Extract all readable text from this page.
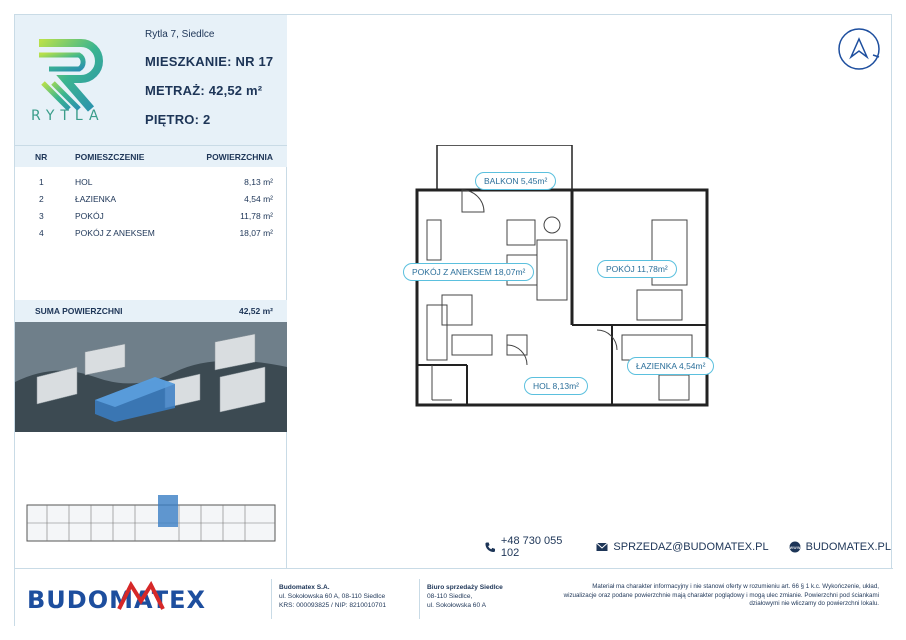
RYTLA
Rytla 7, Siedlce
MIESZKANIE: NR 17
METRAŻ: 42,52 m²
PIĘTRO: 2
NR	POMIESZCZENIE	POWIERZCHNIA
1	HOL	8,13 m²
2	ŁAZIENKA	4,54 m²
3	POKÓJ	11,78 m²
4	POKÓJ Z ANEKSEM	18,07 m²
SUMA POWIERZCHNI	42,52 m²
BALKON 5,45m²
POKÓJ Z ANEKSEM 18,07m²	POKÓJ 11,78m²
ŁAZIENKA 4,54m²
HOL 8,13m²
+48 730 055 102	SPRZEDAZ@BUDOMATEX.PL	www BUDOMATEX.PL
BUDOMATEX	Budomatex S.A.
ul. Sokołowska 60 A, 08-110 Siedlce
KRS: 000093825 / NIP: 8210010701
Biuro sprzedaży Siedlce
08-110 Siedlce,
ul. Sokołowska 60 A
Materiał ma charakter informacyjny i nie stanowi oferty w rozumieniu art. 66 § 1 k.c. Wykończenie, układ, wizualizacje oraz podane powierzchnie mają charakter poglądowy i mogą ulec zmianie. Powierzchni pod ściankami działowymi nie wliczamy do powierzchni lokalu.
